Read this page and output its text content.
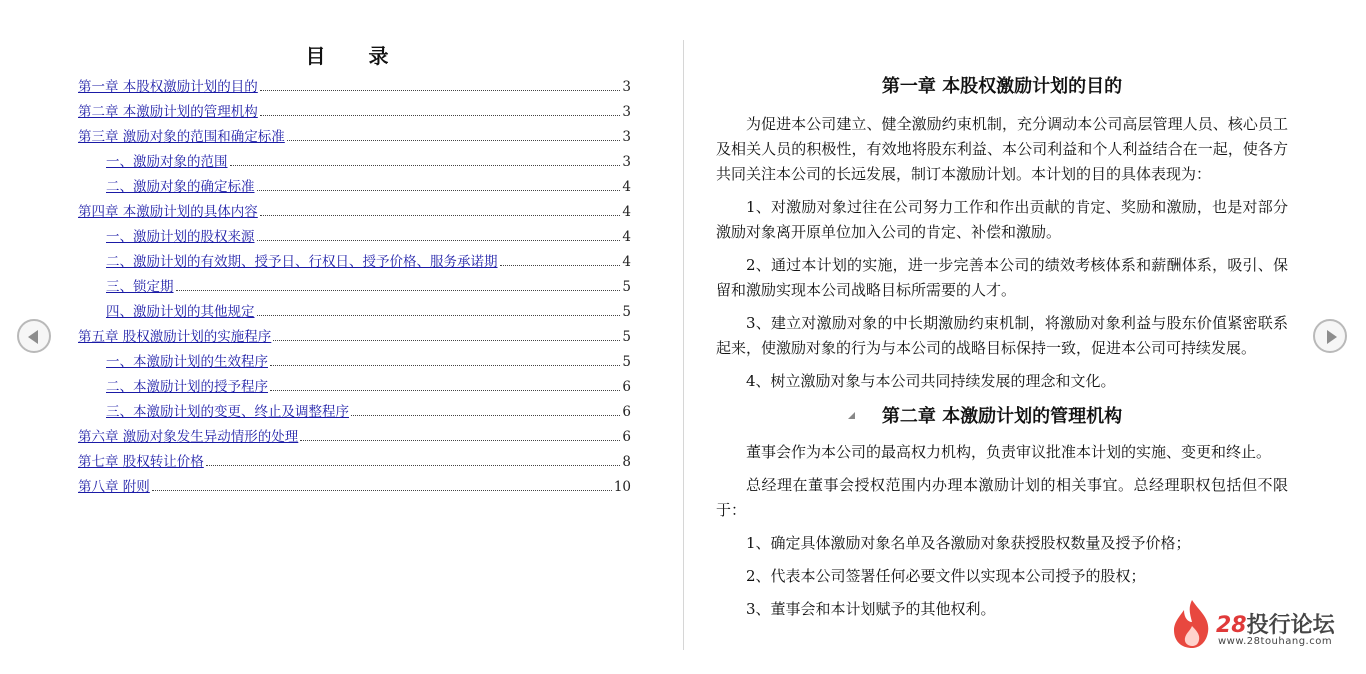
目 录
第一章 本股权激励计划的目的	3
第二章 本激励计划的管理机构	3
第三章 激励对象的范围和确定标准	3
一、激励对象的范围	3
二、激励对象的确定标准	4
第四章 本激励计划的具体内容	4
一、激励计划的股权来源	4
二、激励计划的有效期、授予日、行权日、授予价格、服务承诺期	4
三、锁定期	5
四、激励计划的其他规定	5
第五章 股权激励计划的实施程序	5
一、本激励计划的生效程序	5
二、本激励计划的授予程序	6
三、本激励计划的变更、终止及调整程序	6
第六章 激励对象发生异动情形的处理	6
第七章 股权转让价格	8
第八章 附则	10
第一章 本股权激励计划的目的
为促进本公司建立、健全激励约束机制，充分调动本公司高层管理人员、核心员工及相关人员的积极性，有效地将股东利益、本公司利益和个人利益结合在一起，使各方共同关注本公司的长远发展，制订本激励计划。本计划的目的具体表现为：
1、对激励对象过往在公司努力工作和作出贡献的肯定、奖励和激励，也是对部分激励对象离开原单位加入公司的肯定、补偿和激励。
2、通过本计划的实施，进一步完善本公司的绩效考核体系和薪酬体系，吸引、保留和激励实现本公司战略目标所需要的人才。
3、建立对激励对象的中长期激励约束机制，将激励对象利益与股东价值紧密联系起来，使激励对象的行为与本公司的战略目标保持一致，促进本公司可持续发展。
4、树立激励对象与本公司共同持续发展的理念和文化。
第二章 本激励计划的管理机构
董事会作为本公司的最高权力机构，负责审议批准本计划的实施、变更和终止。
总经理在董事会授权范围内办理本激励计划的相关事宜。总经理职权包括但不限于：
1、确定具体激励对象名单及各激励对象获授股权数量及授予价格；
2、代表本公司签署任何必要文件以实现本公司授予的股权；
3、董事会和本计划赋予的其他权利。
28投行论坛
www.28touhang.com
